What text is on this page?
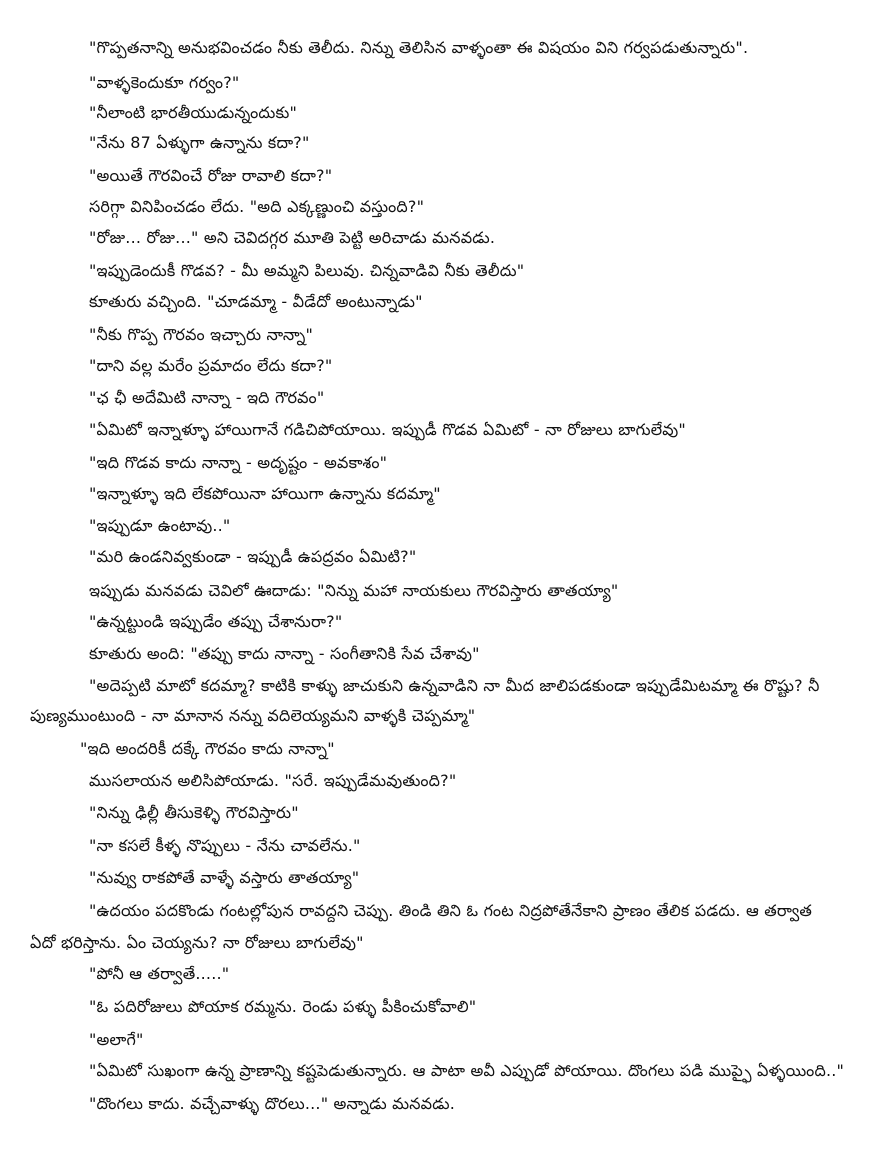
"గొప్పతనాన్ని అనుభవించడం నీకు తెలీదు. నిన్ను తెలిసిన వాళ్ళంతా ఈ విషయం విని గర్వపడుతున్నారు".
"వాళ్ళకెందుకూ గర్వం?"
"నీలాంటి భారతీయుడున్నందుకు"
"నేను 87 ఏళ్ళుగా ఉన్నాను కదా?"
"అయితే గౌరవించే రోజు రావాలి కదా?"
సరిగ్గా వినిపించడం లేదు. "అది ఎక్కణ్ణుంచి వస్తుంది?"
"రోజు... రోజు..." అని చెవిదగ్గర మూతి పెట్టి అరిచాడు మనవడు.
"ఇప్పుడెందుకీ గొడవ? - మీ అమ్మని పిలువు. చిన్నవాడివి నీకు తెలీదు"
కూతురు వచ్చింది. "చూడమ్మా - వీడేదో అంటున్నాడు"
"నీకు గొప్ప గౌరవం ఇచ్చారు నాన్నా"
"దాని వల్ల మరేం ప్రమాదం లేదు కదా?"
"ఛ ఛీ అదేమిటి నాన్నా - ఇది గౌరవం"
"ఏమిటో ఇన్నాళ్ళూ హాయిగానే గడిచిపోయాయి. ఇప్పుడీ గొడవ ఏమిటో - నా రోజులు బాగులేవు"
"ఇది గొడవ కాదు నాన్నా - అదృష్టం - అవకాశం"
"ఇన్నాళ్ళూ ఇది లేకపోయినా హాయిగా ఉన్నాను కదమ్మా"
"ఇప్పుడూ ఉంటావు.."
"మరి ఉండనివ్వకుండా - ఇప్పుడీ ఉపద్రవం ఏమిటి?"
ఇప్పుడు మనవడు చెవిలో ఊదాడు: "నిన్ను మహా నాయకులు గౌరవిస్తారు తాతయ్యా"
"ఉన్నట్టుండి ఇప్పుడేం తప్పు చేశానురా?"
కూతురు అంది: "తప్పు కాదు నాన్నా - సంగీతానికి సేవ చేశావు"
"అదెప్పటి మాటో కదమ్మా? కాటికి కాళ్ళు జాచుకుని ఉన్నవాడిని నా మీద జాలిపడకుండా ఇప్పుడేమిటమ్మా ఈ రొష్టు? నీ
పుణ్యముంటుంది - నా మానాన నన్ను వదిలెయ్యమని వాళ్ళకి చెప్పమ్మా"
"ఇది అందరికీ దక్కే గౌరవం కాదు నాన్నా"
ముసలాయన అలిసిపోయాడు. "సరే. ఇప్పుడేమవుతుంది?"
"నిన్ను ఢిల్లీ తీసుకెళ్ళి గౌరవిస్తారు"
"నా కసలే కీళ్ళ నొప్పులు - నేను చావలేను."
"నువ్వు రాకపోతే వాళ్ళే వస్తారు తాతయ్యా"
"ఉదయం పదకొండు గంటల్లోపున రావద్దని చెప్పు. తిండి తిని ఓ గంట నిద్రపోతేనేకాని ప్రాణం తేలిక పడదు. ఆ తర్వాత
ఏదో భరిస్తాను. ఏం చెయ్యను? నా రోజులు బాగులేవు"
"పోనీ ఆ తర్వాతే....."
"ఓ పదిరోజులు పోయాక రమ్మను. రెండు పళ్ళు పీకించుకోవాలి"
"అలాగే"
"ఏమిటో సుఖంగా ఉన్న ప్రాణాన్ని కష్టపెడుతున్నారు. ఆ పాటా అవీ ఎప్పుడో పోయాయి. దొంగలు పడి ముప్ఫై ఏళ్ళయింది.."
"దొంగలు కాదు. వచ్చేవాళ్ళు దొరలు..." అన్నాడు మనవడు.
